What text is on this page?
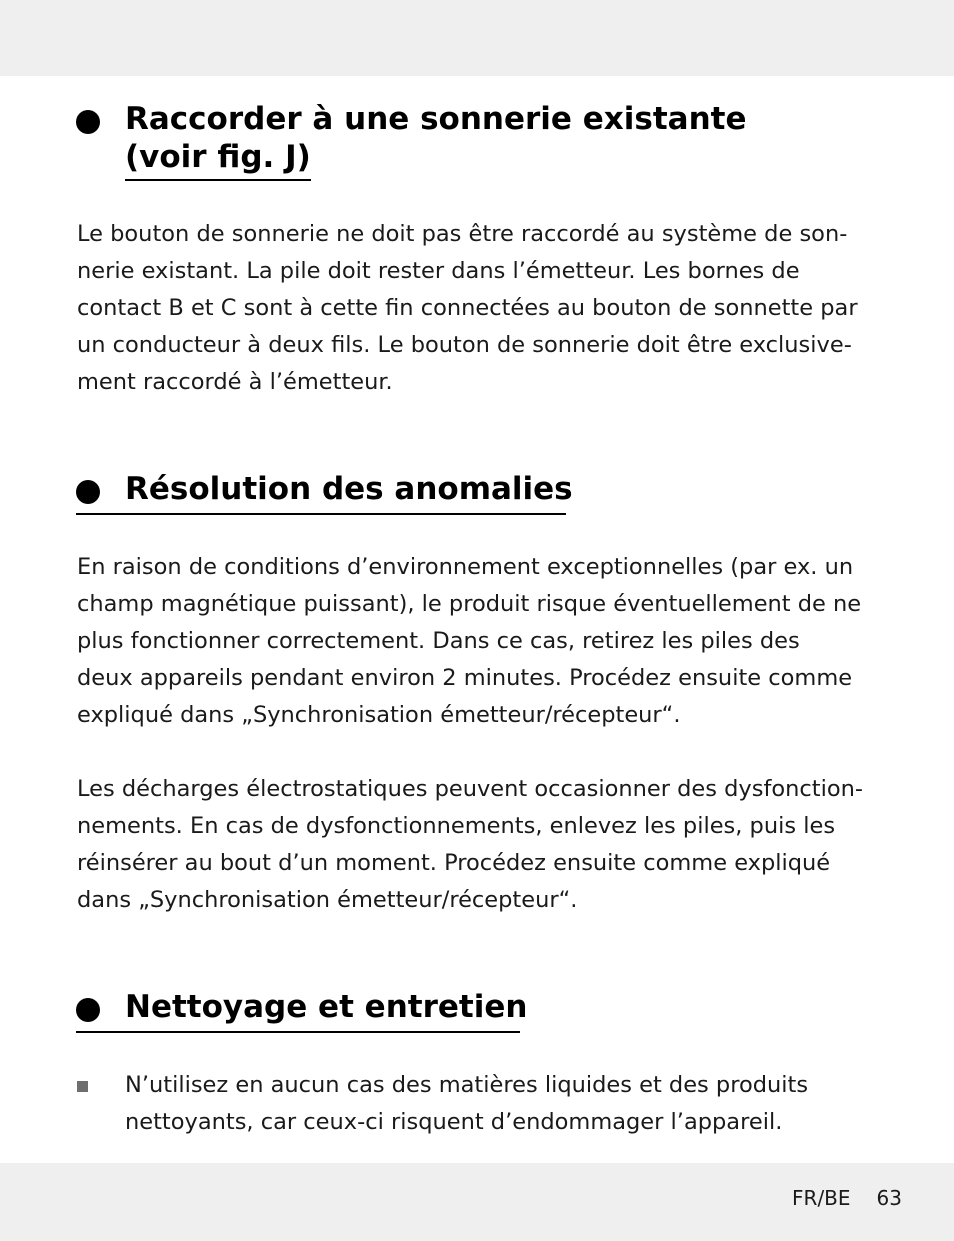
Raccorder à une sonnerie existante
(voir fig. J)
Le bouton de sonnerie ne doit pas être raccordé au système de son-
nerie existant. La pile doit rester dans l’émetteur. Les bornes de
contact B et C sont à cette fin connectées au bouton de sonnette par
un conducteur à deux fils. Le bouton de sonnerie doit être exclusive-
ment raccordé à l’émetteur.
Résolution des anomalies
En raison de conditions d’environnement exceptionnelles (par ex. un
champ magnétique puissant), le produit risque éventuellement de ne
plus fonctionner correctement. Dans ce cas, retirez les piles des
deux appareils pendant environ 2 minutes. Procédez ensuite comme
expliqué dans „Synchronisation émetteur/récepteur“.
Les décharges électrostatiques peuvent occasionner des dysfonction-
nements. En cas de dysfonctionnements, enlevez les piles, puis les
réinsérer au bout d’un moment. Procédez ensuite comme expliqué
dans „Synchronisation émetteur/récepteur“.
Nettoyage et entretien
N’utilisez en aucun cas des matières liquides et des produits
nettoyants, car ceux-ci risquent d’endommager l’appareil.
FR/BE 63
